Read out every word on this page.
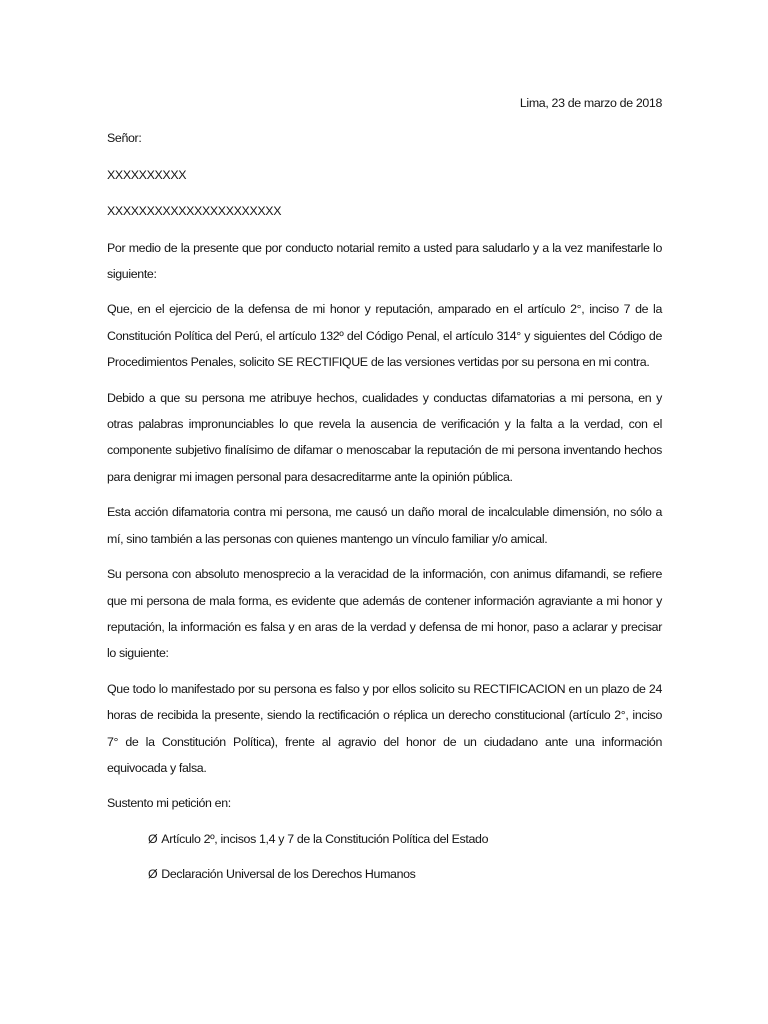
Lima, 23 de marzo de 2018

Señor:

XXXXXXXXXX

XXXXXXXXXXXXXXXXXXXXXX

Por medio de la presente que por conducto notarial remito a usted para saludarlo y a la vez manifestarle lo siguiente:

Que, en el ejercicio de la defensa de mi honor y reputación, amparado en el artículo 2°, inciso 7 de la Constitución Política del Perú, el artículo 132º del Código Penal, el artículo 314° y siguientes del Código de Procedimientos Penales, solicito SE RECTIFIQUE de las versiones vertidas por su persona en mi contra.

Debido a que su persona me atribuye hechos, cualidades y conductas difamatorias a mi persona, en y otras palabras impronunciables lo que revela la ausencia de verificación y la falta a la verdad, con el componente subjetivo finalísimo de difamar o menoscabar la reputación de mi persona inventando hechos para denigrar mi imagen personal para desacreditarme ante la opinión pública.

Esta acción difamatoria contra mi persona, me causó un daño moral de incalculable dimensión, no sólo a mí, sino también a las personas con quienes mantengo un vínculo familiar y/o amical.

Su persona con absoluto menosprecio a la veracidad de la información, con animus difamandi, se refiere que mi persona de mala forma, es evidente que además de contener información agraviante a mi honor y reputación, la información es falsa y en aras de la verdad y defensa de mi honor, paso a aclarar y precisar lo siguiente:

Que todo lo manifestado por su persona es falso y por ellos solicito su RECTIFICACION en un plazo de 24 horas de recibida la presente, siendo la rectificación o réplica un derecho constitucional (artículo 2°, inciso 7° de la Constitución Política), frente al agravio del honor de un ciudadano ante una información equivocada y falsa.

Sustento mi petición en:

Ø Artículo 2º, incisos 1,4 y 7 de la Constitución Política del Estado
Ø Declaración Universal de los Derechos Humanos
